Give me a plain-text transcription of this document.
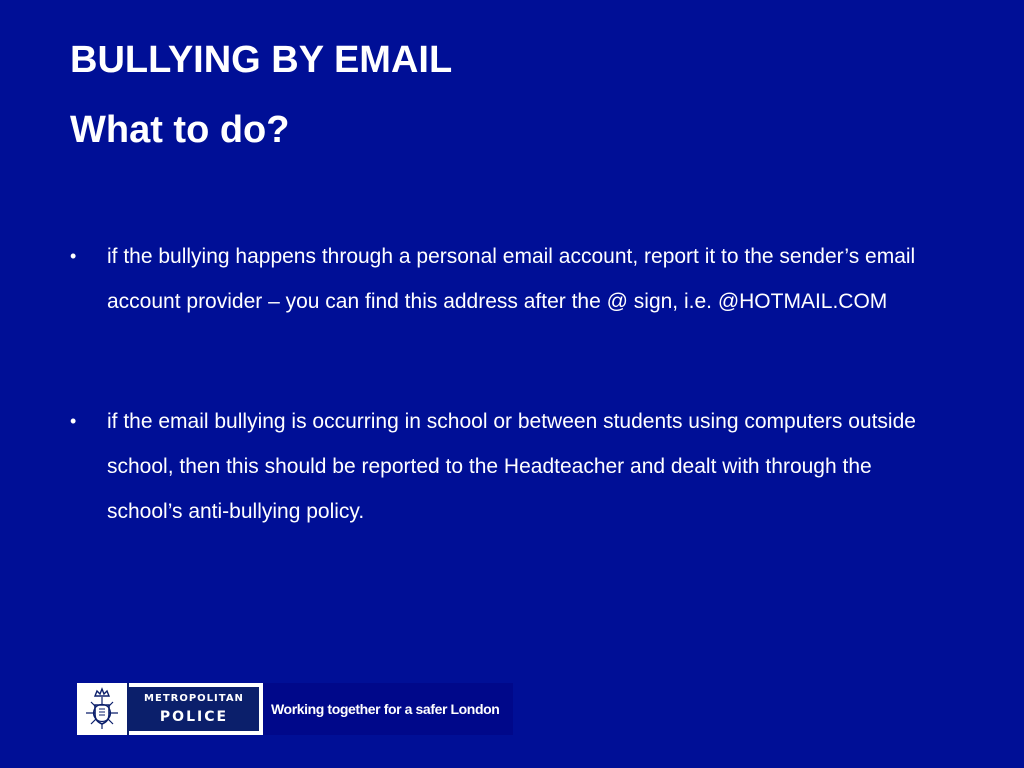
BULLYING BY EMAIL
What to do?
•	if the bullying happens through a personal email account, report it to the sender’s email account provider – you can find this address after the @ sign, i.e. @HOTMAIL.COM
•	if the email bullying is occurring in school or between students using computers outside school, then this should be reported to the Headteacher and dealt with through the school’s anti-bullying policy.
METROPOLITAN
POLICE	Working together for a safer London
